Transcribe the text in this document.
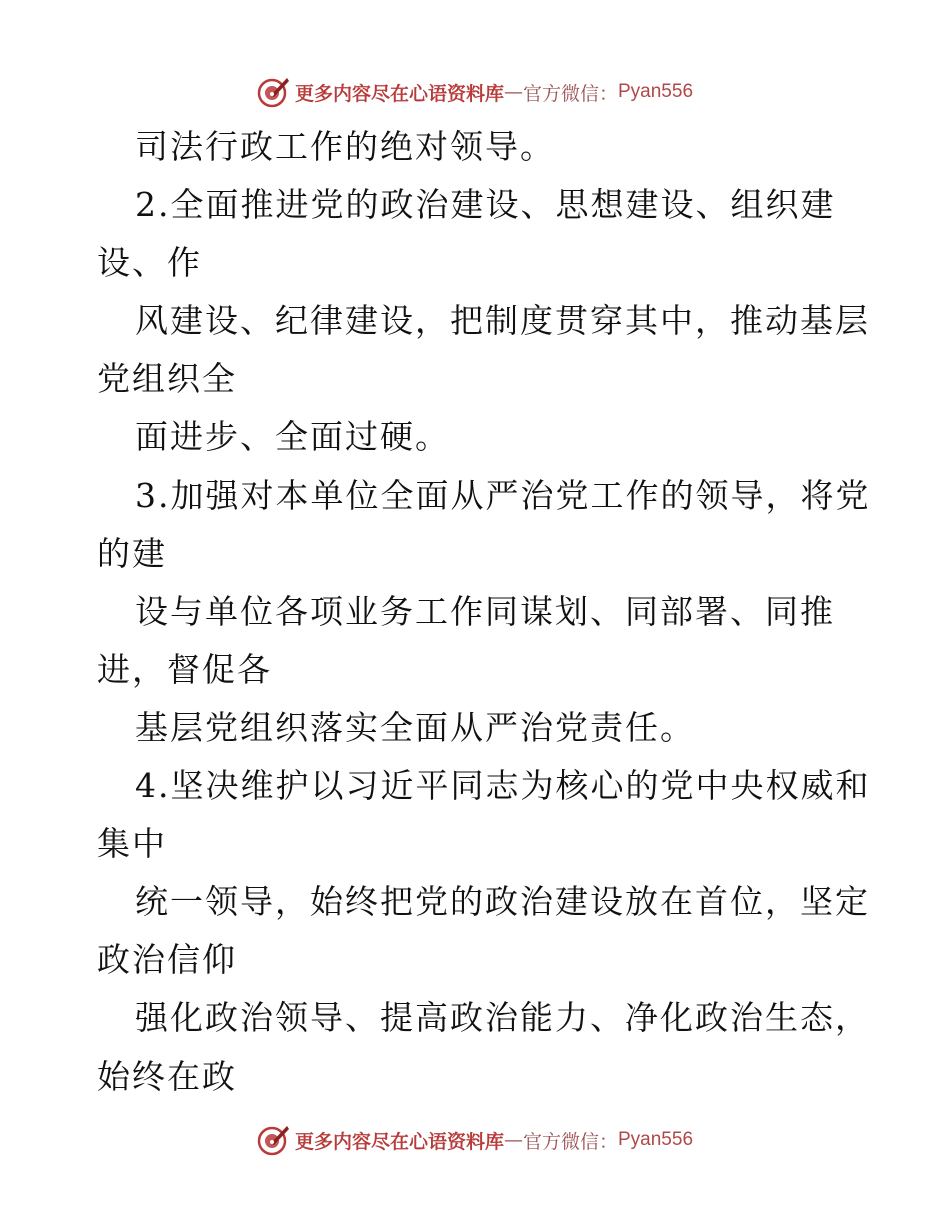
更多内容尽在心语资料库 — 官方微信： Pyan556
司法行政工作的绝对领导。
2.全面推进党的政治建设、思想建设、组织建
设、作
风建设、纪律建设，把制度贯穿其中，推动基层
党组织全
面进步、全面过硬。
3.加强对本单位全面从严治党工作的领导，将党
的建
设与单位各项业务工作同谋划、同部署、同推
进，督促各
基层党组织落实全面从严治党责任。
4.坚决维护以习近平同志为核心的党中央权威和
集中
统一领导，始终把党的政治建设放在首位，坚定
政治信仰
强化政治领导、提高政治能力、净化政治生态，
始终在政
更多内容尽在心语资料库 — 官方微信： Pyan556
